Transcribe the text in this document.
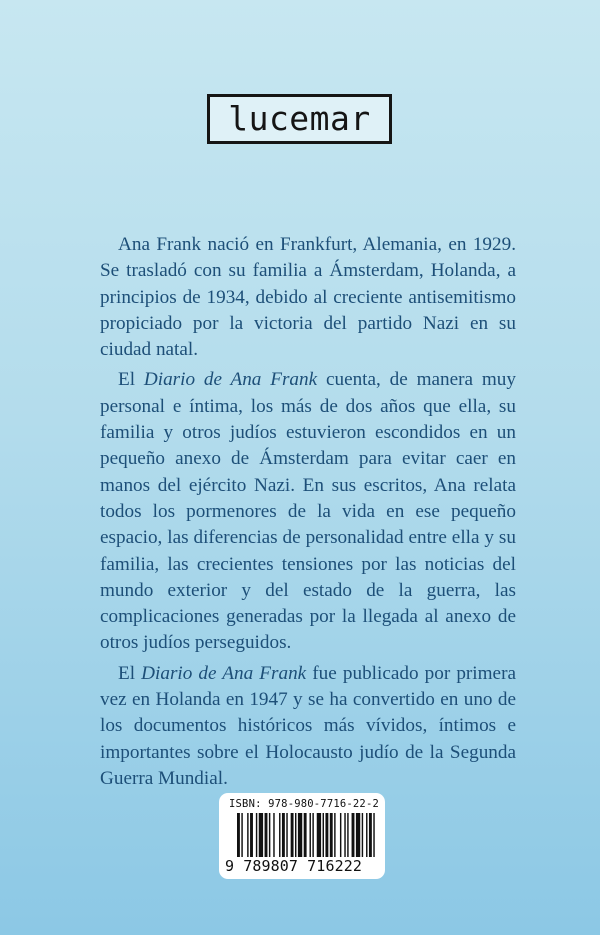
lucemar

Ana Frank nació en Frankfurt, Alemania, en 1929. Se trasladó con su familia a Ámsterdam, Holanda, a principios de 1934, debido al creciente antisemitismo propiciado por la victoria del partido Nazi en su ciudad natal.

El Diario de Ana Frank cuenta, de manera muy personal e íntima, los más de dos años que ella, su familia y otros judíos estuvieron escondidos en un pequeño anexo de Ámsterdam para evitar caer en manos del ejército Nazi. En sus escritos, Ana relata todos los pormenores de la vida en ese pequeño espacio, las diferencias de personalidad entre ella y su familia, las crecientes tensiones por las noticias del mundo exterior y del estado de la guerra, las complicaciones generadas por la llegada al anexo de otros judíos perseguidos.

El Diario de Ana Frank fue publicado por primera vez en Holanda en 1947 y se ha convertido en uno de los documentos históricos más vívidos, íntimos e importantes sobre el Holocausto judío de la Segunda Guerra Mundial.

ISBN: 978-980-7716-22-2
9 789807 716222
